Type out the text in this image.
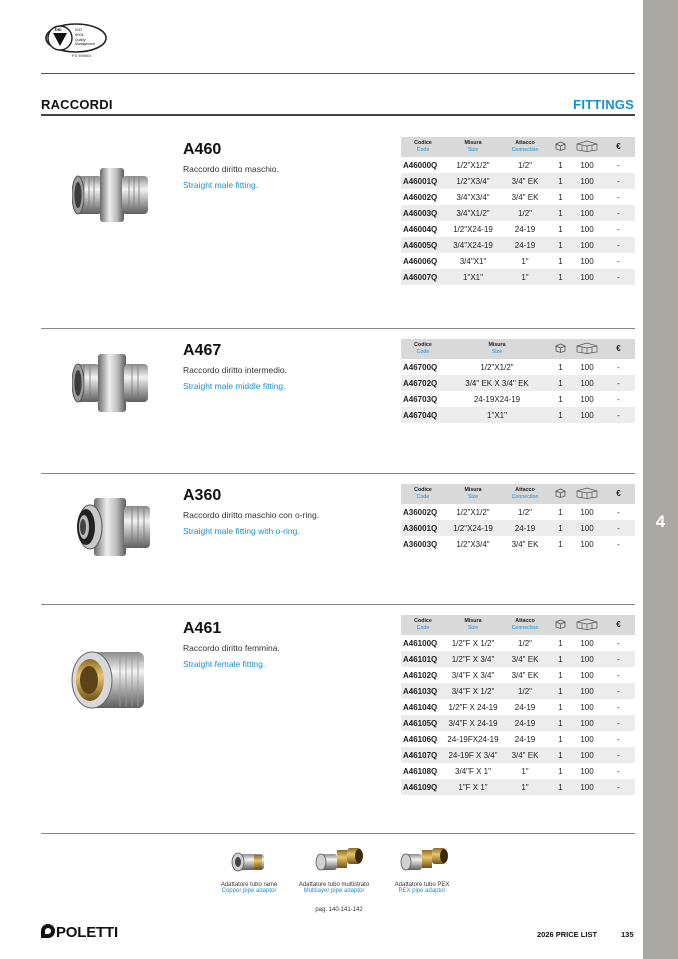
4
bsi	ISO
9001
Quality
Management
FS 559601
RACCORDI	FITTINGS
A460
Raccordo diritto maschio.
Straight male fitting.
Codice
Code	Misura
Size	Attacco
Connection			€
A46000Q	1/2"X1/2"	1/2"	1	100	-
A46001Q	1/2"X3/4"	3/4" EK	1	100	-
A46002Q	3/4"X3/4"	3/4" EK	1	100	-
A46003Q	3/4"X1/2"	1/2"	1	100	-
A46004Q	1/2"X24-19	24-19	1	100	-
A46005Q	3/4"X24-19	24-19	1	100	-
A46006Q	3/4"X1"	1"	1	100	-
A46007Q	1"X1"	1"	1	100	-
A467
Raccordo diritto intermedio.
Straight male middle fitting.
Codice
Code	Misura
Size			€
A46700Q	1/2"X1/2"	1	100	-
A46702Q	3/4" EK X 3/4" EK	1	100	-
A46703Q	24-19X24-19	1	100	-
A46704Q	1"X1"	1	100	-
A360
Raccordo diritto maschio con o-ring.
Straight male fitting with o-ring.
Codice
Code	Misura
Size	Attacco
Connection			€
A36002Q	1/2"X1/2"	1/2"	1	100	-
A36001Q	1/2"X24-19	24-19	1	100	-
A36003Q	1/2"X3/4"	3/4" EK	1	100	-
A461
Raccordo diritto femmina.
Straight female fitting.
Codice
Code	Misura
Size	Attacco
Connection			€
A46100Q	1/2"F X 1/2"	1/2"	1	100	-
A46101Q	1/2"F X 3/4"	3/4" EK	1	100	-
A46102Q	3/4"F X 3/4"	3/4" EK	1	100	-
A46103Q	3/4"F X 1/2"	1/2"	1	100	-
A46104Q	1/2"F X 24-19	24-19	1	100	-
A46105Q	3/4"F X 24-19	24-19	1	100	-
A46106Q	24-19FX24-19	24-19	1	100	-
A46107Q	24-19F X 3/4"	3/4" EK	1	100	-
A46108Q	3/4"F X 1"	1"	1	100	-
A46109Q	1"F X 1"	1"	1	100	-
Adattatore tubo rame
Copper pipe adaptor
Adattatore tubo multistrato
Multilayer pipe adaptor
Adattatore tubo PEX
PEX pipe adaptor
pag. 140-141-142
POLETTI	2026 PRICE LIST	135
